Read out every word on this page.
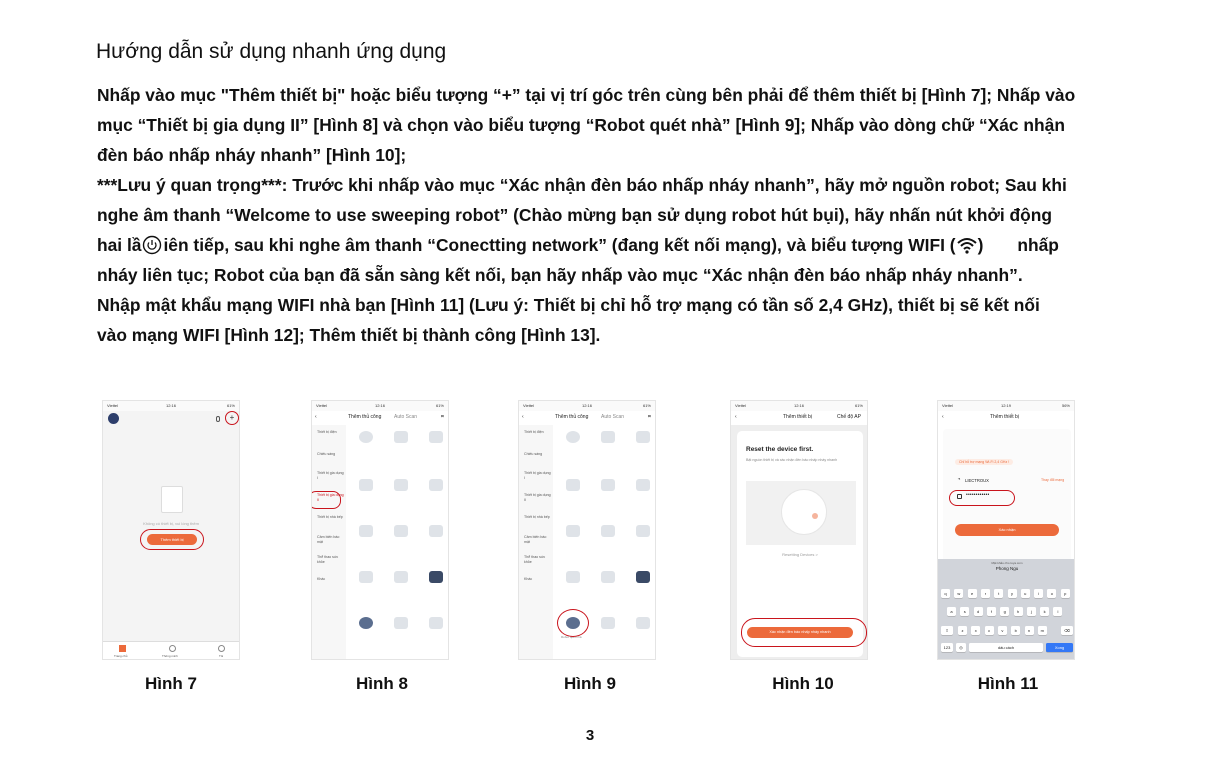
Hướng dẫn sử dụng nhanh ứng dụng
Nhấp vào mục "Thêm thiết bị" hoặc biểu tượng “+” tại vị trí góc trên cùng bên phải để thêm thiết bị [Hình 7]; Nhấp vào
mục “Thiết bị gia dụng II” [Hình 8] và chọn vào biểu tượng “Robot quét nhà” [Hình 9]; Nhấp vào dòng chữ “Xác nhận
đèn báo nhấp nháy nhanh” [Hình 10];
***Lưu ý quan trọng***: Trước khi nhấp vào mục “Xác nhận đèn báo nhấp nháy nhanh”, hãy mở nguồn robot; Sau khi
nghe âm thanh “Welcome to use sweeping robot” (Chào mừng bạn sử dụng robot hút bụi), hãy nhấn nút khởi động
hai lầ iên tiếp, sau khi nghe âm thanh “Conectting network” (đang kết nối mạng), và biểu tượng WIFI ( ) nhấp
nháy liên tục; Robot của bạn đã sẵn sàng kết nối, bạn hãy nhấp vào mục “Xác nhận đèn báo nhấp nháy nhanh”.
Nhập mật khẩu mạng WIFI nhà bạn [Hình 11] (Lưu ý: Thiết bị chỉ hỗ trợ mạng có tần số 2,4 GHz), thiết bị sẽ kết nối
vào mạng WIFI [Hình 12]; Thêm thiết bị thành công [Hình 13].
Viettel	12:16	61%
+
Không có thiết bị, vui lòng thêm
Thêm thiết bị
Trang chủ	Thông minh	Tôi
Hình 7
Viettel	12:16	61%
‹	Thêm thủ công	Auto Scan	⌗
Thiết bị điện
Chiếu sáng
Thiết bị gia dụng I
Thiết bị gia dụng II
Thiết bị nhà bếp
Cảm biến báo mật
Thể thao sức khỏe
Khác
Hình 8
Viettel	12:16	61%
‹	Thêm thủ công	Auto Scan	⌗
Thiết bị điện
Chiếu sáng
Thiết bị gia dụng I
Thiết bị gia dụng II
Thiết bị nhà bếp
Cảm biến báo mật
Thể thao sức khỏe
Khác
Robot quét nhà
Hình 9
Viettel	12:16	61%
‹	Thêm thiết bị	Chế độ AP
Reset the device first.
Bật nguồn thiết bị và xác nhận đèn báo nhấp nháy nhanh
Resetting Devices >
Xác nhận đèn báo nhấp nháy nhanh
Hình 10
Viettel	12:19	56%
‹	Thêm thiết bị
Chỉ hỗ trợ mạng Wi-Fi 2,4 GHz !
◔ LIECTROUX	Thay đổi mạng
••••••••••••
Xác nhận
Mật khẩu cho tuya.com
Phong Ngu
q	w	e	r	t	y	u	i	o	p
a	s	d	f	g	h	j	k	l
z	x	c	v	b	n	m
⇧	⌫
123	◎	dấu cách	Xong
Hình 11
3
